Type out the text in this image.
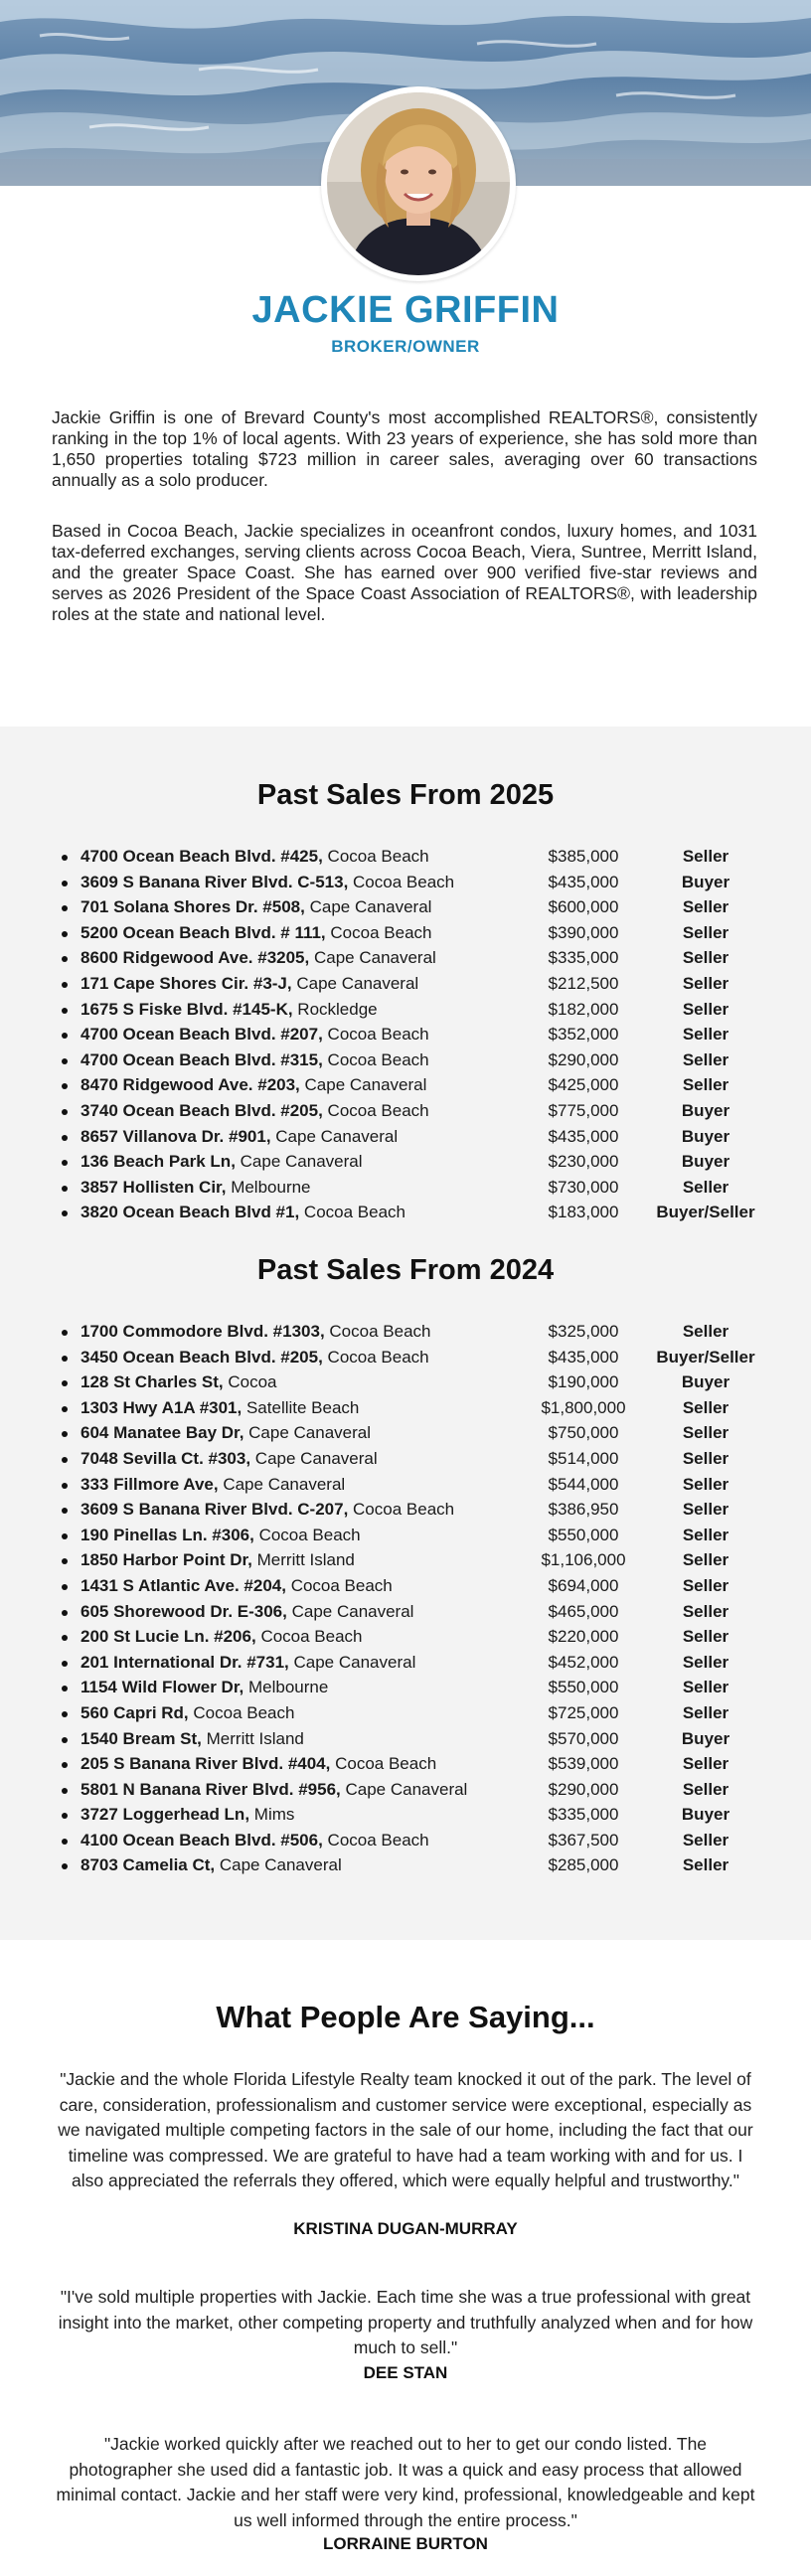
JACKIE GRIFFIN
BROKER/OWNER

Jackie Griffin is one of Brevard County's most accomplished REALTORS®, consistently ranking in the top 1% of local agents. With 23 years of experience, she has sold more than 1,650 properties totaling $723 million in career sales, averaging over 60 transactions annually as a solo producer.

Based in Cocoa Beach, Jackie specializes in oceanfront condos, luxury homes, and 1031 tax-deferred exchanges, serving clients across Cocoa Beach, Viera, Suntree, Merritt Island, and the greater Space Coast. She has earned over 900 verified five-star reviews and serves as 2026 President of the Space Coast Association of REALTORS®, with leadership roles at the state and national level.

Past Sales From 2025
4700 Ocean Beach Blvd. #425, Cocoa Beach	$385,000	Seller
3609 S Banana River Blvd. C-513, Cocoa Beach	$435,000	Buyer
701 Solana Shores Dr. #508, Cape Canaveral	$600,000	Seller
5200 Ocean Beach Blvd. # 111, Cocoa Beach	$390,000	Seller
8600 Ridgewood Ave. #3205, Cape Canaveral	$335,000	Seller
171 Cape Shores Cir. #3-J, Cape Canaveral	$212,500	Seller
1675 S Fiske Blvd. #145-K, Rockledge	$182,000	Seller
4700 Ocean Beach Blvd. #207, Cocoa Beach	$352,000	Seller
4700 Ocean Beach Blvd. #315, Cocoa Beach	$290,000	Seller
8470 Ridgewood Ave. #203, Cape Canaveral	$425,000	Seller
3740 Ocean Beach Blvd. #205, Cocoa Beach	$775,000	Buyer
8657 Villanova Dr. #901, Cape Canaveral	$435,000	Buyer
136 Beach Park Ln, Cape Canaveral	$230,000	Buyer
3857 Hollisten Cir, Melbourne	$730,000	Seller
3820 Ocean Beach Blvd #1, Cocoa Beach	$183,000	Buyer/Seller
Past Sales From 2024
1700 Commodore Blvd. #1303, Cocoa Beach	$325,000	Seller
3450 Ocean Beach Blvd. #205, Cocoa Beach	$435,000	Buyer/Seller
128 St Charles St, Cocoa	$190,000	Buyer
1303 Hwy A1A #301, Satellite Beach	$1,800,000	Seller
604 Manatee Bay Dr, Cape Canaveral	$750,000	Seller
7048 Sevilla Ct. #303, Cape Canaveral	$514,000	Seller
333 Fillmore Ave, Cape Canaveral	$544,000	Seller
3609 S Banana River Blvd. C-207, Cocoa Beach	$386,950	Seller
190 Pinellas Ln. #306, Cocoa Beach	$550,000	Seller
1850 Harbor Point Dr, Merritt Island	$1,106,000	Seller
1431 S Atlantic Ave. #204, Cocoa Beach	$694,000	Seller
605 Shorewood Dr. E-306, Cape Canaveral	$465,000	Seller
200 St Lucie Ln. #206, Cocoa Beach	$220,000	Seller
201 International Dr. #731, Cape Canaveral	$452,000	Seller
1154 Wild Flower Dr, Melbourne	$550,000	Seller
560 Capri Rd, Cocoa Beach	$725,000	Seller
1540 Bream St, Merritt Island	$570,000	Buyer
205 S Banana River Blvd. #404, Cocoa Beach	$539,000	Seller
5801 N Banana River Blvd. #956, Cape Canaveral	$290,000	Seller
3727 Loggerhead Ln, Mims	$335,000	Buyer
4100 Ocean Beach Blvd. #506, Cocoa Beach	$367,500	Seller
8703 Camelia Ct, Cape Canaveral	$285,000	Seller
What People Are Saying...

"Jackie and the whole Florida Lifestyle Realty team knocked it out of the park. The level of care, consideration, professionalism and customer service were exceptional, especially as we navigated multiple competing factors in the sale of our home, including the fact that our timeline was compressed. We are grateful to have had a team working with and for us. I also appreciated the referrals they offered, which were equally helpful and trustworthy."

KRISTINA DUGAN-MURRAY

"I've sold multiple properties with Jackie. Each time she was a true professional with great insight into the market, other competing property and truthfully analyzed when and for how much to sell."

DEE STAN

"Jackie worked quickly after we reached out to her to get our condo listed. The photographer she used did a fantastic job. It was a quick and easy process that allowed minimal contact. Jackie and her staff were very kind, professional, knowledgeable and kept us well informed through the entire process."

LORRAINE BURTON
